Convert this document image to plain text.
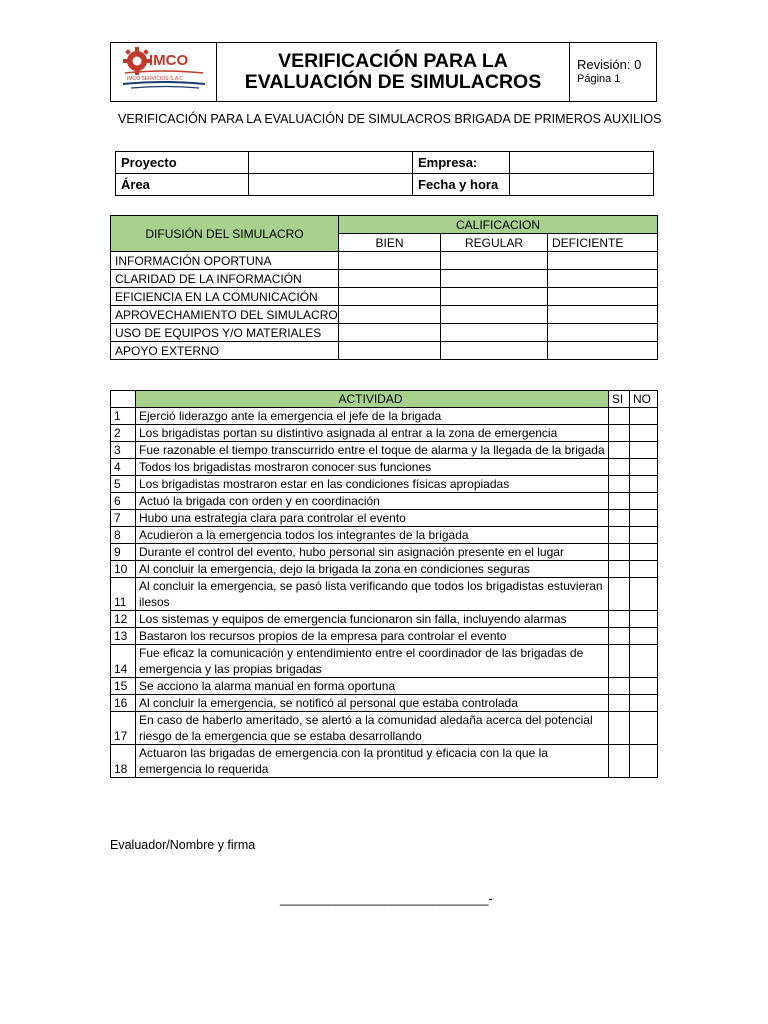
IMCO
IMCO SERVICIOS S.A.C

VERIFICACIÓN PARA LA
EVALUACIÓN DE SIMULACROS

Revisión: 0
Página 1
VERIFICACIÓN PARA LA EVALUACIÓN DE SIMULACROS BRIGADA DE PRIMEROS AUXILIOS
Proyecto		Empresa:	
Área		Fecha y hora	
DIFUSIÓN DEL SIMULACRO	CALIFICACION		
	BIEN	REGULAR	DEFICIENTE
INFORMACIÓN OPORTUNA			
CLARIDAD DE LA INFORMACIÓN			
EFICIENCIA EN LA COMUNICACIÓN			
APROVECHAMIENTO DEL SIMULACRO			
USO DE EQUIPOS Y/O MATERIALES			
APOYO EXTERNO			
	ACTIVIDAD	SI	NO
1	Ejerció liderazgo ante la emergencia el jefe de la brigada		
2	Los brigadistas portan su distintivo asignada al entrar a la zona de emergencia		
3	Fue razonable el tiempo transcurrido entre el toque de alarma y la llegada de la brigada		
4	Todos los brigadistas mostraron conocer sus funciones		
5	Los brigadistas mostraron estar en las condiciones físicas apropiadas		
6	Actuó la brigada con orden y en coordinación		
7	Hubo una estrategia clara para controlar el evento		
8	Acudieron a la emergencia todos los integrantes de la brigada		
9	Durante el control del evento, hubo personal sin asignación presente en el lugar		
10	Al concluir la emergencia, dejo la brigada la zona en condiciones seguras		
11	Al concluir la emergencia, se pasó lista verificando que todos los brigadistas estuvieran ilesos		
12	Los sistemas y equipos de emergencia funcionaron sin falla, incluyendo alarmas		
13	Bastaron los recursos propios de la empresa para controlar el evento		
14	Fue eficaz la comunicación y entendimiento entre el coordinador de las brigadas de emergencia y las propias brigadas		
15	Se acciono la alarma manual en forma oportuna		
16	Al concluir la emergencia, se notificó al personal que estaba controlada		
17	En caso de haberlo ameritado, se alertó a la comunidad aledaña acerca del potencial riesgo de la emergencia que se estaba desarrollando		
18	Actuaron las brigadas de emergencia con la prontitud y eficacia con la que la emergencia lo requerida		
Evaluador/Nombre y firma
______________________________-
